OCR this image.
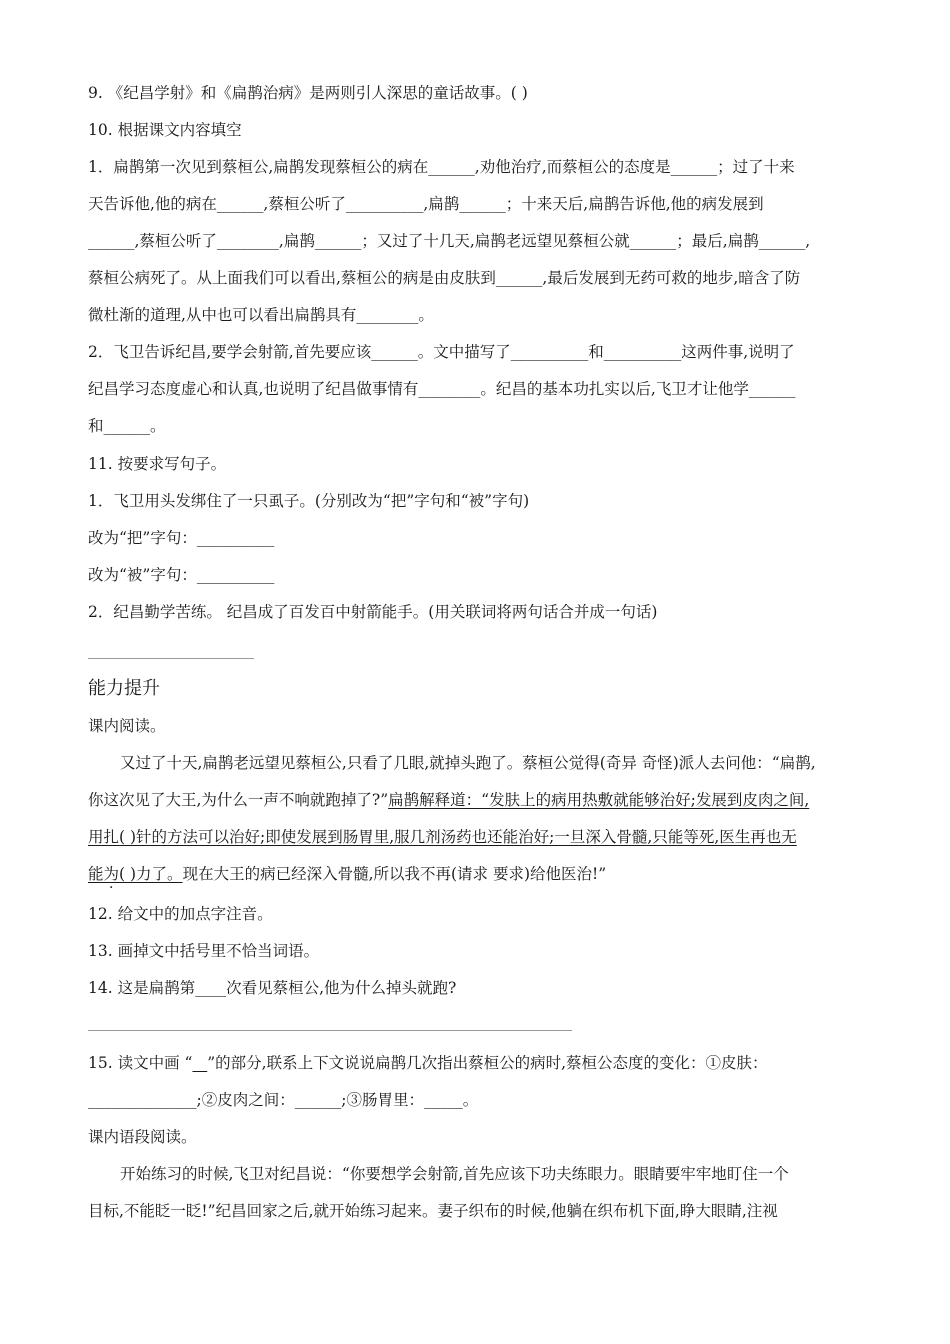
9. 《纪昌学射》和《扁鹊治病》是两则引人深思的童话故事。( )
10. 根据课文内容填空
1．扁鹊第一次见到蔡桓公,扁鹊发现蔡桓公的病在______,劝他治疗,而蔡桓公的态度是______；过了十来
天告诉他,他的病在______,蔡桓公听了__________,扁鹊______；十来天后,扁鹊告诉他,他的病发展到
______,蔡桓公听了________,扁鹊______；又过了十几天,扁鹊老远望见蔡桓公就______；最后,扁鹊______,
蔡桓公病死了。从上面我们可以看出,蔡桓公的病是由皮肤到______,最后发展到无药可救的地步,暗含了防
微杜渐的道理,从中也可以看出扁鹊具有________。
2．飞卫告诉纪昌,要学会射箭,首先要应该______。文中描写了__________和__________这两件事,说明了
纪昌学习态度虚心和认真,也说明了纪昌做事情有________。纪昌的基本功扎实以后,飞卫才让他学______
和______。
11. 按要求写句子。
1．飞卫用头发绑住了一只虱子。(分别改为“把”字句和“被”字句)
改为“把”字句：__________
改为“被”字句：__________
2．纪昌勤学苦练。 纪昌成了百发百中射箭能手。(用关联词将两句话合并成一句话)
能力提升
课内阅读。
又过了十天,扁鹊老远望见蔡桓公,只看了几眼,就掉头跑了。蔡桓公觉得(奇异 奇怪)派人去问他：“扁鹊,
你这次见了大王,为什么一声不响就跑掉了?”扁鹊解释道：“发肤上的病用热敷就能够治好;发展到皮肉之间,
用扎( )针的方法可以治好;即使发展到肠胃里,服几剂汤药也还能治好;一旦深入骨髓,只能等死,医生再也无
能为( )力了。现在大王的病已经深入骨髓,所以我不再(请求 要求)给他医治!”
12. 给文中的加点字注音。
13. 画掉文中括号里不恰当词语。
14. 这是扁鹊第____次看见蔡桓公,他为什么掉头就跑?
15. 读文中画 “ ”的部分,联系上下文说说扁鹊几次指出蔡桓公的病时,蔡桓公态度的变化：①皮肤：
______________;②皮肉之间：______;③肠胃里：_____。
课内语段阅读。
开始练习的时候,飞卫对纪昌说：“你要想学会射箭,首先应该下功夫练眼力。眼睛要牢牢地盯住一个
目标,不能眨一眨!”纪昌回家之后,就开始练习起来。妻子织布的时候,他躺在织布机下面,睁大眼睛,注视
